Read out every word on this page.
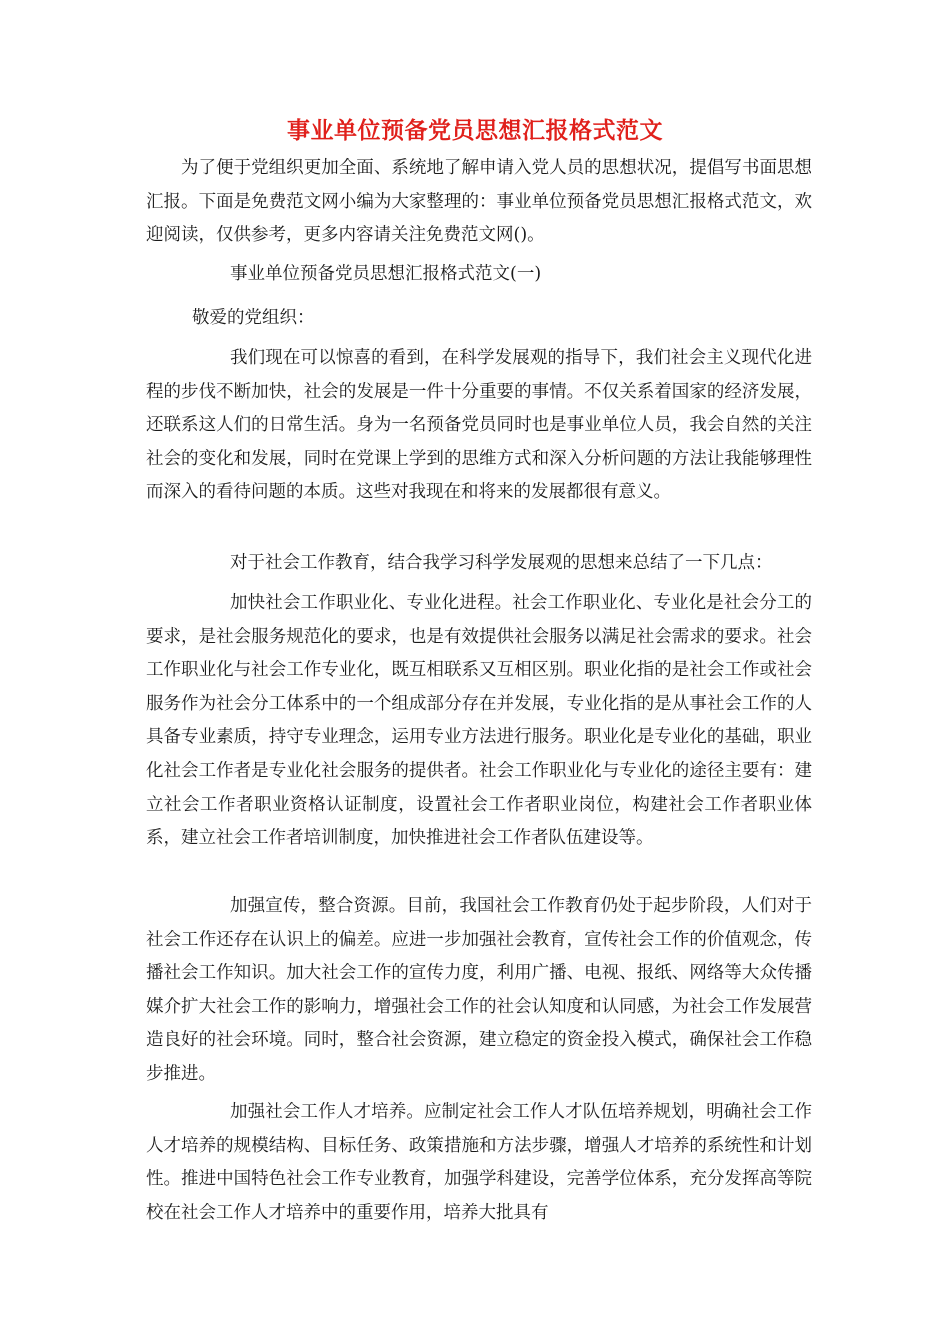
事业单位预备党员思想汇报格式范文

为了便于党组织更加全面、系统地了解申请入党人员的思想状况，提倡写书面思想汇报。下面是免费范文网小编为大家整理的：事业单位预备党员思想汇报格式范文，欢迎阅读，仅供参考，更多内容请关注免费范文网()。

事业单位预备党员思想汇报格式范文(一)

敬爱的党组织：

我们现在可以惊喜的看到，在科学发展观的指导下，我们社会主义现代化进程的步伐不断加快，社会的发展是一件十分重要的事情。不仅关系着国家的经济发展，还联系这人们的日常生活。身为一名预备党员同时也是事业单位人员，我会自然的关注社会的变化和发展，同时在党课上学到的思维方式和深入分析问题的方法让我能够理性而深入的看待问题的本质。这些对我现在和将来的发展都很有意义。

对于社会工作教育，结合我学习科学发展观的思想来总结了一下几点：

加快社会工作职业化、专业化进程。社会工作职业化、专业化是社会分工的要求，是社会服务规范化的要求，也是有效提供社会服务以满足社会需求的要求。社会工作职业化与社会工作专业化，既互相联系又互相区别。职业化指的是社会工作或社会服务作为社会分工体系中的一个组成部分存在并发展，专业化指的是从事社会工作的人具备专业素质，持守专业理念，运用专业方法进行服务。职业化是专业化的基础，职业化社会工作者是专业化社会服务的提供者。社会工作职业化与专业化的途径主要有：建立社会工作者职业资格认证制度，设置社会工作者职业岗位，构建社会工作者职业体系，建立社会工作者培训制度，加快推进社会工作者队伍建设等。

加强宣传，整合资源。目前，我国社会工作教育仍处于起步阶段，人们对于社会工作还存在认识上的偏差。应进一步加强社会教育，宣传社会工作的价值观念，传播社会工作知识。加大社会工作的宣传力度，利用广播、电视、报纸、网络等大众传播媒介扩大社会工作的影响力，增强社会工作的社会认知度和认同感，为社会工作发展营造良好的社会环境。同时，整合社会资源，建立稳定的资金投入模式，确保社会工作稳步推进。

加强社会工作人才培养。应制定社会工作人才队伍培养规划，明确社会工作人才培养的规模结构、目标任务、政策措施和方法步骤，增强人才培养的系统性和计划性。推进中国特色社会工作专业教育，加强学科建设，完善学位体系，充分发挥高等院校在社会工作人才培养中的重要作用，培养大批具有
